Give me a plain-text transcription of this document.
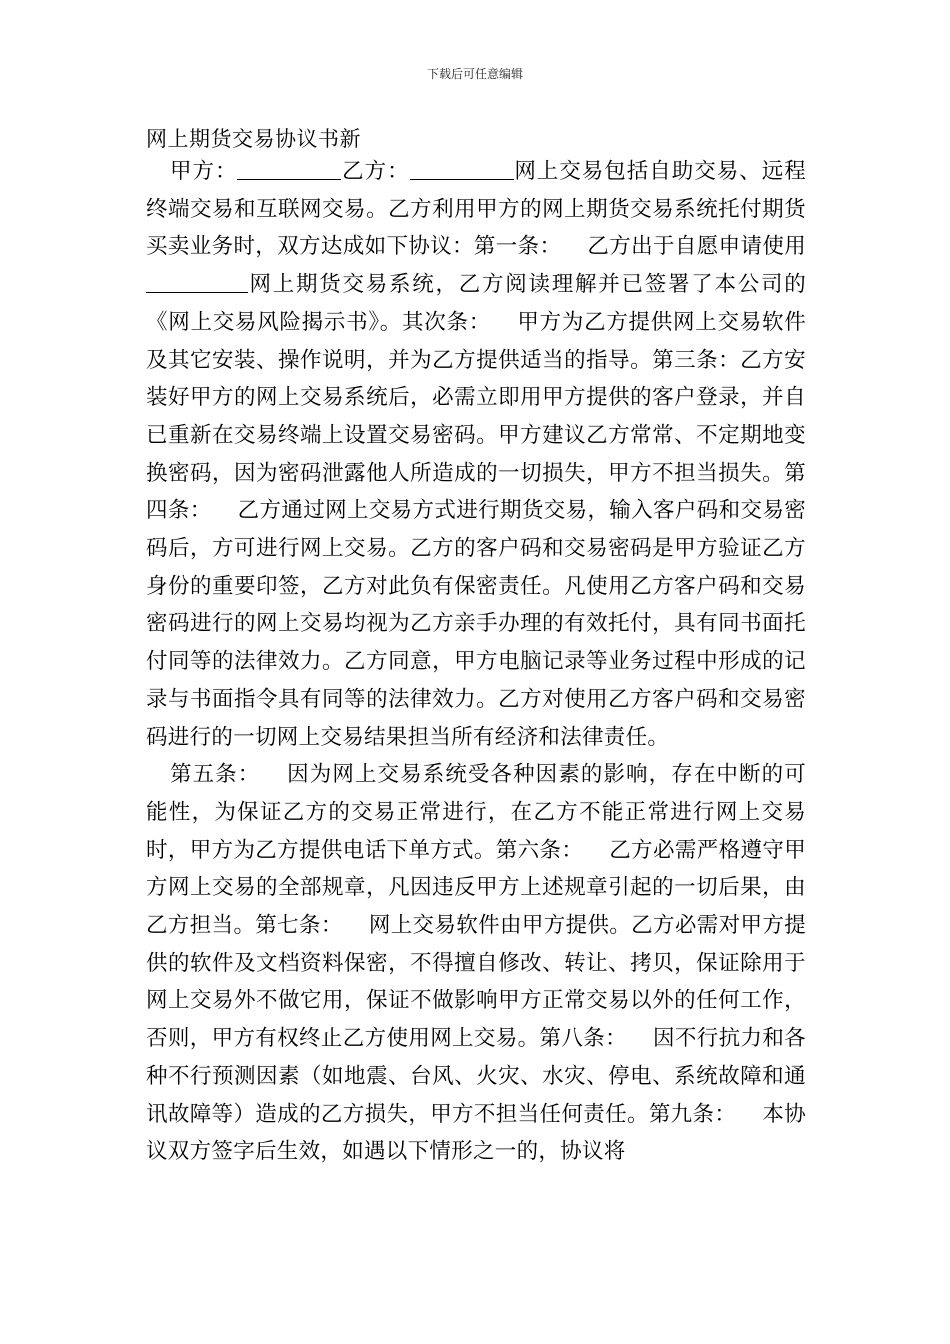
下载后可任意编辑
网上期货交易协议书新

甲方：	乙方：	网上交易包括自助交易、远程终端交易和互联网交易。乙方利用甲方的网上期货交易系统托付期货买卖业务时，双方达成如下协议：第一条： 乙方出于自愿申请使用网上期货交易系统，乙方阅读理解并已签署了本公司的《网上交易风险揭示书》。其次条： 甲方为乙方提供网上交易软件及其它安装、操作说明，并为乙方提供适当的指导。第三条：乙方安装好甲方的网上交易系统后，必需立即用甲方提供的客户登录，并自已重新在交易终端上设置交易密码。甲方建议乙方常常、不定期地变换密码，因为密码泄露他人所造成的一切损失，甲方不担当损失。第四条： 乙方通过网上交易方式进行期货交易，输入客户码和交易密码后，方可进行网上交易。乙方的客户码和交易密码是甲方验证乙方身份的重要印签，乙方对此负有保密责任。凡使用乙方客户码和交易密码进行的网上交易均视为乙方亲手办理的有效托付，具有同书面托付同等的法律效力。乙方同意，甲方电脑记录等业务过程中形成的记录与书面指令具有同等的法律效力。乙方对使用乙方客户码和交易密码进行的一切网上交易结果担当所有经济和法律责任。

第五条： 因为网上交易系统受各种因素的影响，存在中断的可能性，为保证乙方的交易正常进行，在乙方不能正常进行网上交易时，甲方为乙方提供电话下单方式。第六条： 乙方必需严格遵守甲方网上交易的全部规章，凡因违反甲方上述规章引起的一切后果，由乙方担当。第七条： 网上交易软件由甲方提供。乙方必需对甲方提供的软件及文档资料保密，不得擅自修改、转让、拷贝，保证除用于网上交易外不做它用，保证不做影响甲方正常交易以外的任何工作，否则，甲方有权终止乙方使用网上交易。第八条： 因不行抗力和各种不行预测因素（如地震、台风、火灾、水灾、停电、系统故障和通讯故障等）造成的乙方损失，甲方不担当任何责任。第九条： 本协议双方签字后生效，如遇以下情形之一的，协议将
